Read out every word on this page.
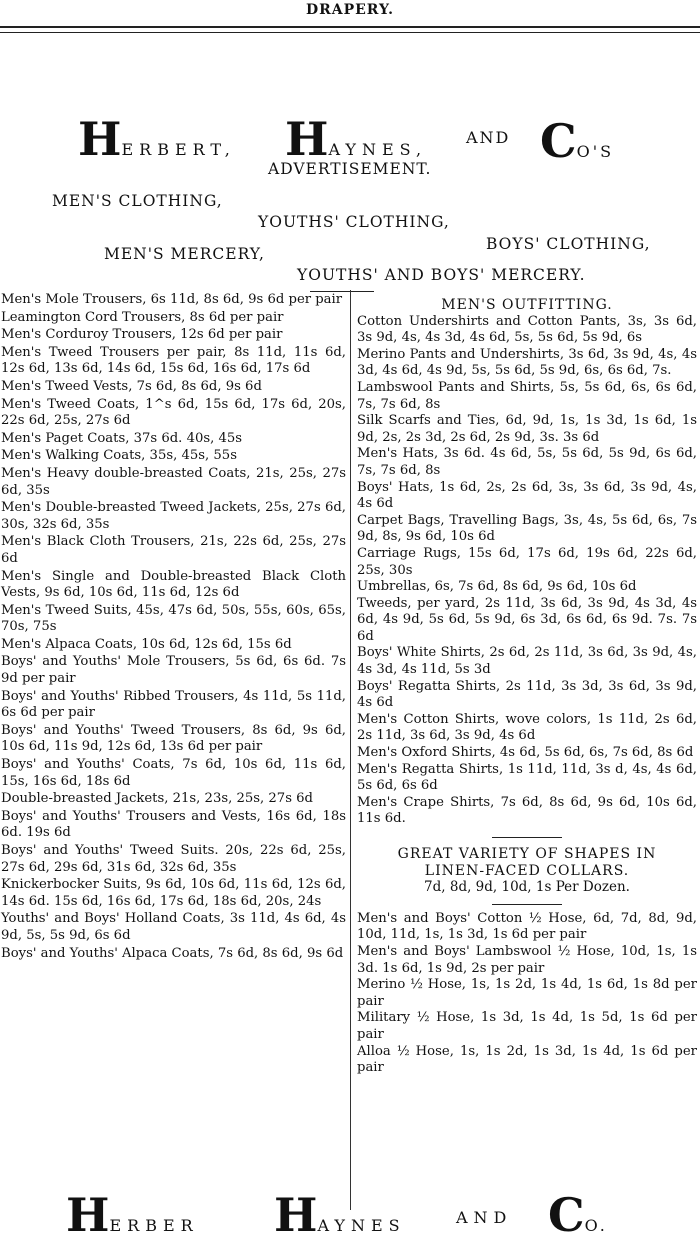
DRAPERY.
HERBERT, HAYNES,
AND CO'S
ADVERTISEMENT.
MEN'S CLOTHING,
YOUTHS' CLOTHING,
BOYS' CLOTHING,
MEN'S MERCERY,
YOUTHS' AND BOYS' MERCERY.

Men's Mole Trousers, 6s 11d, 8s 6d, 9s 6d per pair

Leamington Cord Trousers, 8s 6d per pair

Men's Corduroy Trousers, 12s 6d per pair

Men's Tweed Trousers per pair, 8s 11d, 11s 6d, 12s 6d, 13s 6d, 14s 6d, 15s 6d, 16s 6d, 17s 6d

Men's Tweed Vests, 7s 6d, 8s 6d, 9s 6d

Men's Tweed Coats, 1^s 6d, 15s 6d, 17s 6d, 20s, 22s 6d, 25s, 27s 6d

Men's Paget Coats, 37s 6d. 40s, 45s

Men's Walking Coats, 35s, 45s, 55s

Men's Heavy double-breasted Coats, 21s, 25s, 27s 6d, 35s

Men's Double-breasted Tweed Jackets, 25s, 27s 6d, 30s, 32s 6d, 35s

Men's Black Cloth Trousers, 21s, 22s 6d, 25s, 27s 6d

Men's Single and Double-breasted Black Cloth Vests, 9s 6d, 10s 6d, 11s 6d, 12s 6d

Men's Tweed Suits, 45s, 47s 6d, 50s, 55s, 60s, 65s, 70s, 75s

Men's Alpaca Coats, 10s 6d, 12s 6d, 15s 6d

Boys' and Youths' Mole Trousers, 5s 6d, 6s 6d. 7s 9d per pair

Boys' and Youths' Ribbed Trousers, 4s 11d, 5s 11d, 6s 6d per pair

Boys' and Youths' Tweed Trousers, 8s 6d, 9s 6d, 10s 6d, 11s 9d, 12s 6d, 13s 6d per pair

Boys' and Youths' Coats, 7s 6d, 10s 6d, 11s 6d, 15s, 16s 6d, 18s 6d

Double-breasted Jackets, 21s, 23s, 25s, 27s 6d

Boys' and Youths' Trousers and Vests, 16s 6d, 18s 6d. 19s 6d

Boys' and Youths' Tweed Suits. 20s, 22s 6d, 25s, 27s 6d, 29s 6d, 31s 6d, 32s 6d, 35s

Knickerbocker Suits, 9s 6d, 10s 6d, 11s 6d, 12s 6d, 14s 6d. 15s 6d, 16s 6d, 17s 6d, 18s 6d, 20s, 24s

Youths' and Boys' Holland Coats, 3s 11d, 4s 6d, 4s 9d, 5s, 5s 9d, 6s 6d

Boys' and Youths' Alpaca Coats, 7s 6d, 8s 6d, 9s 6d

MEN'S OUTFITTING.

Cotton Undershirts and Cotton Pants, 3s, 3s 6d, 3s 9d, 4s, 4s 3d, 4s 6d, 5s, 5s 6d, 5s 9d, 6s

Merino Pants and Undershirts, 3s 6d, 3s 9d, 4s, 4s 3d, 4s 6d, 4s 9d, 5s, 5s 6d, 5s 9d, 6s, 6s 6d, 7s.

Lambswool Pants and Shirts, 5s, 5s 6d, 6s, 6s 6d, 7s, 7s 6d, 8s

Silk Scarfs and Ties, 6d, 9d, 1s, 1s 3d, 1s 6d, 1s 9d, 2s, 2s 3d, 2s 6d, 2s 9d, 3s. 3s 6d

Men's Hats, 3s 6d. 4s 6d, 5s, 5s 6d, 5s 9d, 6s 6d, 7s, 7s 6d, 8s

Boys' Hats, 1s 6d, 2s, 2s 6d, 3s, 3s 6d, 3s 9d, 4s, 4s 6d

Carpet Bags, Travelling Bags, 3s, 4s, 5s 6d, 6s, 7s 9d, 8s, 9s 6d, 10s 6d

Carriage Rugs, 15s 6d, 17s 6d, 19s 6d, 22s 6d, 25s, 30s

Umbrellas, 6s, 7s 6d, 8s 6d, 9s 6d, 10s 6d

Tweeds, per yard, 2s 11d, 3s 6d, 3s 9d, 4s 3d, 4s 6d, 4s 9d, 5s 6d, 5s 9d, 6s 3d, 6s 6d, 6s 9d. 7s. 7s 6d

Boys' White Shirts, 2s 6d, 2s 11d, 3s 6d, 3s 9d, 4s, 4s 3d, 4s 11d, 5s 3d

Boys' Regatta Shirts, 2s 11d, 3s 3d, 3s 6d, 3s 9d, 4s 6d

Men's Cotton Shirts, wove colors, 1s 11d, 2s 6d, 2s 11d, 3s 6d, 3s 9d, 4s 6d

Men's Oxford Shirts, 4s 6d, 5s 6d, 6s, 7s 6d, 8s 6d

Men's Regatta Shirts, 1s 11d, 11d, 3s d, 4s, 4s 6d, 5s 6d, 6s 6d

Men's Crape Shirts, 7s 6d, 8s 6d, 9s 6d, 10s 6d, 11s 6d.

GREAT VARIETY OF SHAPES IN
LINEN-FACED COLLARS.
7d, 8d, 9d, 10d, 1s Per Dozen.

Men's and Boys' Cotton ½ Hose, 6d, 7d, 8d, 9d, 10d, 11d, 1s, 1s 3d, 1s 6d per pair

Men's and Boys' Lambswool ½ Hose, 10d, 1s, 1s 3d. 1s 6d, 1s 9d, 2s per pair

Merino ½ Hose, 1s, 1s 2d, 1s 4d, 1s 6d, 1s 8d per pair

Military ½ Hose, 1s 3d, 1s 4d, 1s 5d, 1s 6d per pair

Alloa ½ Hose, 1s, 1s 2d, 1s 3d, 1s 4d, 1s 6d per pair

HERBER HAYNES	AND CO.
